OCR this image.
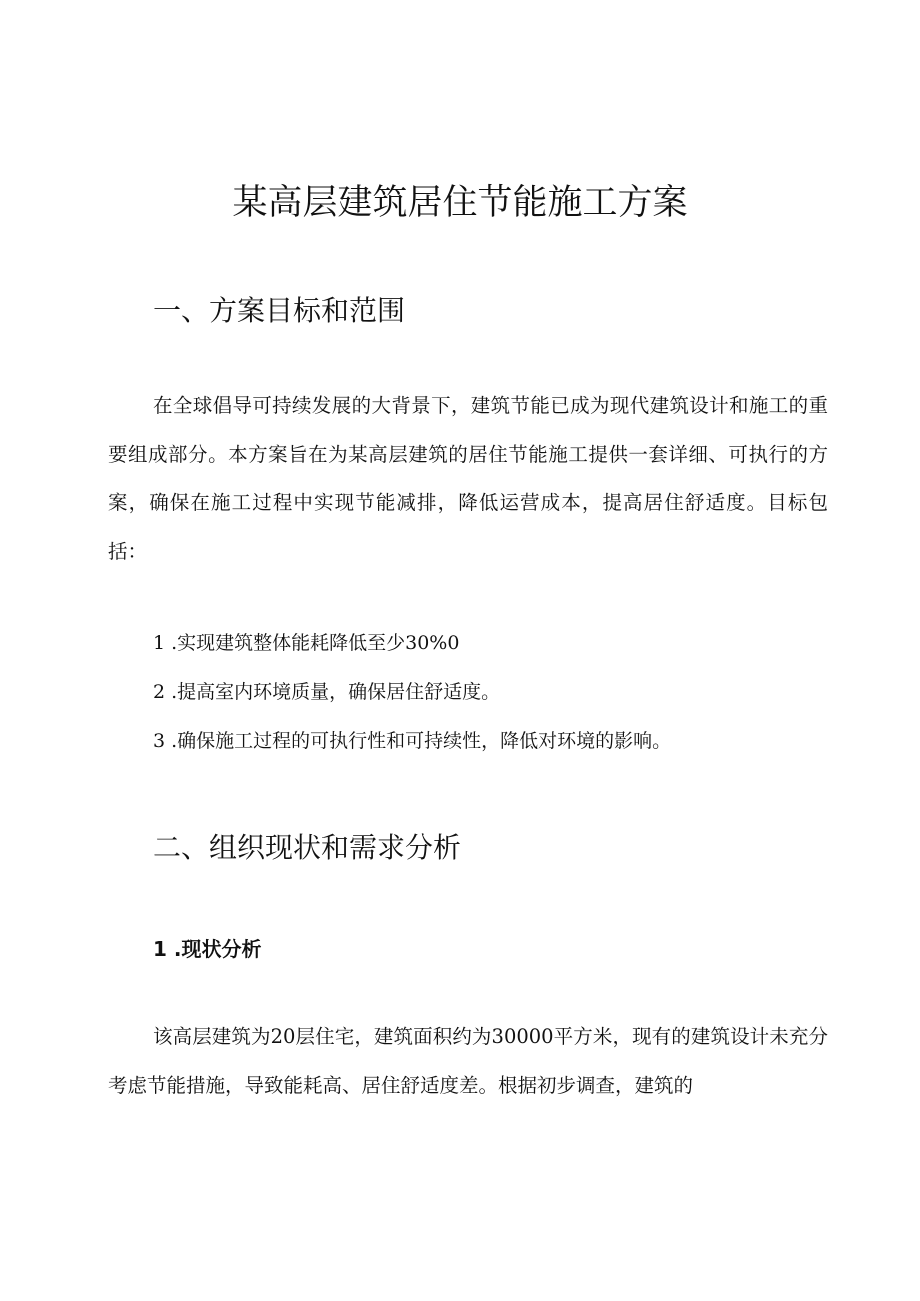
某高层建筑居住节能施工方案
一、方案目标和范围

在全球倡导可持续发展的大背景下，建筑节能已成为现代建筑设计和施工的重要组成部分。本方案旨在为某高层建筑的居住节能施工提供一套详细、可执行的方案，确保在施工过程中实现节能减排，降低运营成本，提高居住舒适度。目标包括：

1 .实现建筑整体能耗降低至少30%0

2 .提高室内环境质量，确保居住舒适度。

3 .确保施工过程的可执行性和可持续性，降低对环境的影响。

二、组织现状和需求分析
1 .现状分析

该高层建筑为20层住宅，建筑面积约为30000平方米，现有的建筑设计未充分考虑节能措施，导致能耗高、居住舒适度差。根据初步调查，建筑的
